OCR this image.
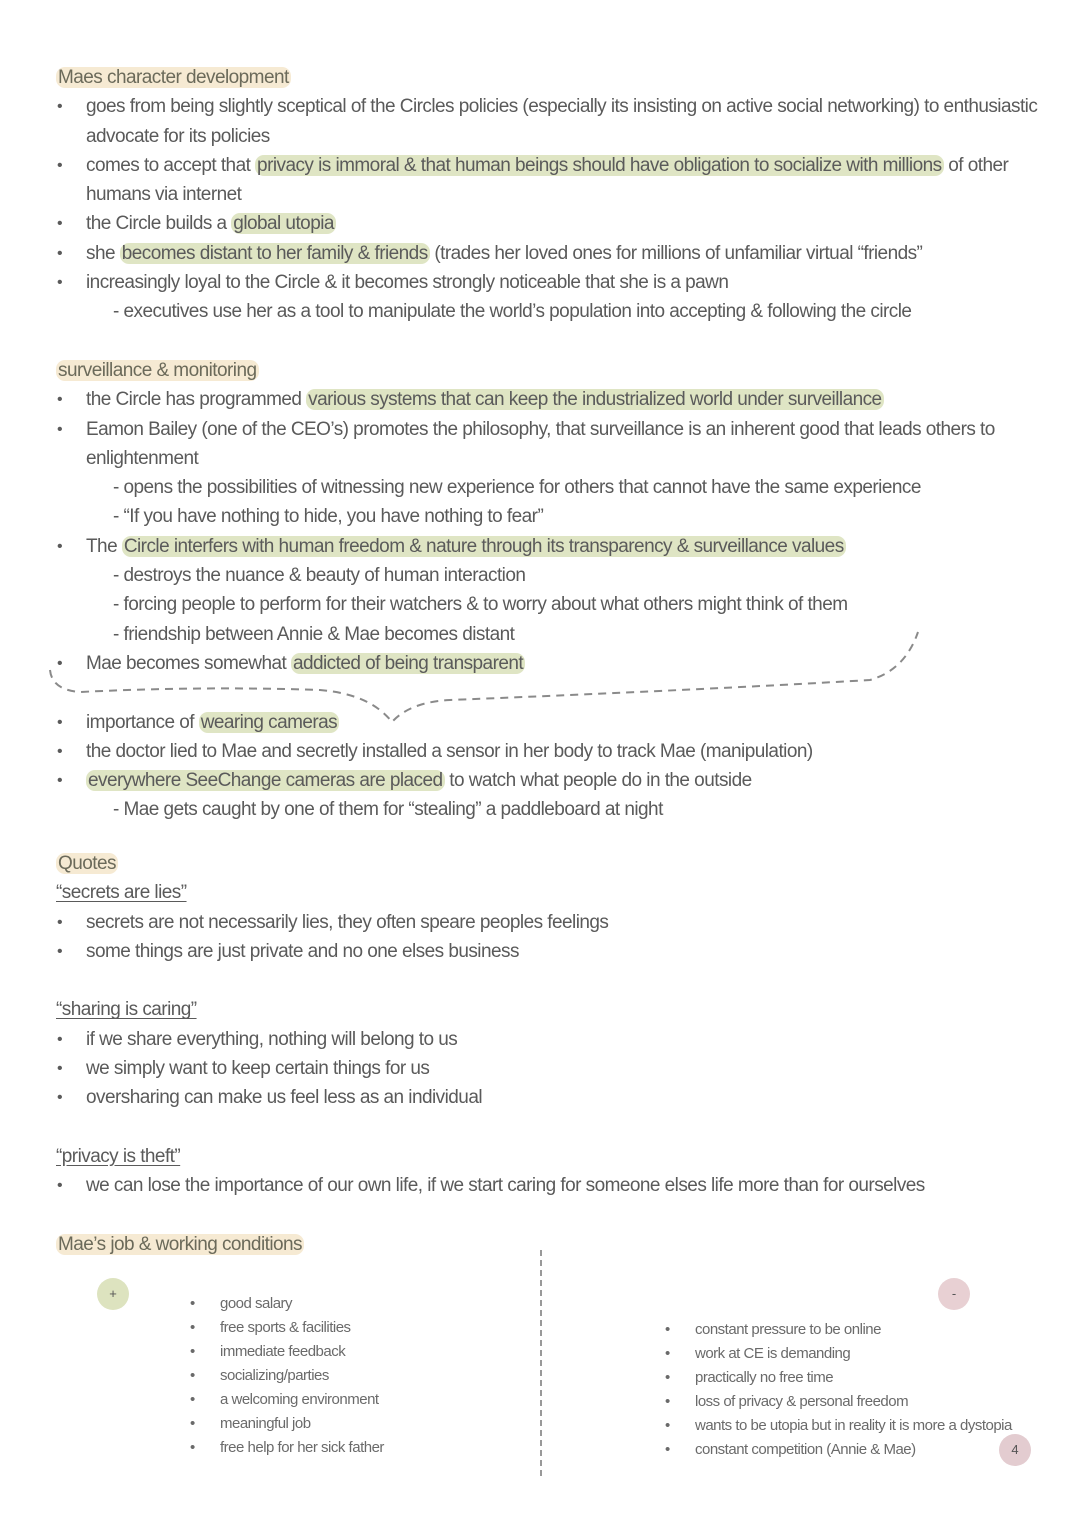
Maes character development
• goes from being slightly sceptical of the Circles policies (especially its insisting on active social networking) to enthusiastic
advocate for its policies
• comes to accept that privacy is immoral & that human beings should have obligation to socialize with millions of other
humans via internet
• the Circle builds a global utopia
• she becomes distant to her family & friends (trades her loved ones for millions of unfamiliar virtual “friends”
• increasingly loyal to the Circle & it becomes strongly noticeable that she is a pawn
- executives use her as a tool to manipulate the world’s population into accepting & following the circle
surveillance & monitoring
• the Circle has programmed various systems that can keep the industrialized world under surveillance
• Eamon Bailey (one of the CEO’s) promotes the philosophy, that surveillance is an inherent good that leads others to
enlightenment
- opens the possibilities of witnessing new experience for others that cannot have the same experience
- “If you have nothing to hide, you have nothing to fear”
• The Circle interfers with human freedom & nature through its transparency & surveillance values
- destroys the nuance & beauty of human interaction
- forcing people to perform for their watchers & to worry about what others might think of them
- friendship between Annie & Mae becomes distant
• Mae becomes somewhat addicted of being transparent
• importance of wearing cameras
• the doctor lied to Mae and secretly installed a sensor in her body to track Mae (manipulation)
• everywhere SeeChange cameras are placed to watch what people do in the outside
- Mae gets caught by one of them for “stealing” a paddleboard at night
Quotes
“secrets are lies”
• secrets are not necessarily lies, they often speare peoples feelings
• some things are just private and no one elses business
“sharing is caring”
• if we share everything, nothing will belong to us
• we simply want to keep certain things for us
• oversharing can make us feel less as an individual
“privacy is theft”
• we can lose the importance of our own life, if we start caring for someone elses life more than for ourselves
Mae’s job & working conditions
+	-
4
• good salary
• free sports & facilities
• immediate feedback
• socializing/parties
• a welcoming environment
• meaningful job
• free help for her sick father
• constant pressure to be online
• work at CE is demanding
• practically no free time
• loss of privacy & personal freedom
• wants to be utopia but in reality it is more a dystopia
• constant competition (Annie & Mae)
